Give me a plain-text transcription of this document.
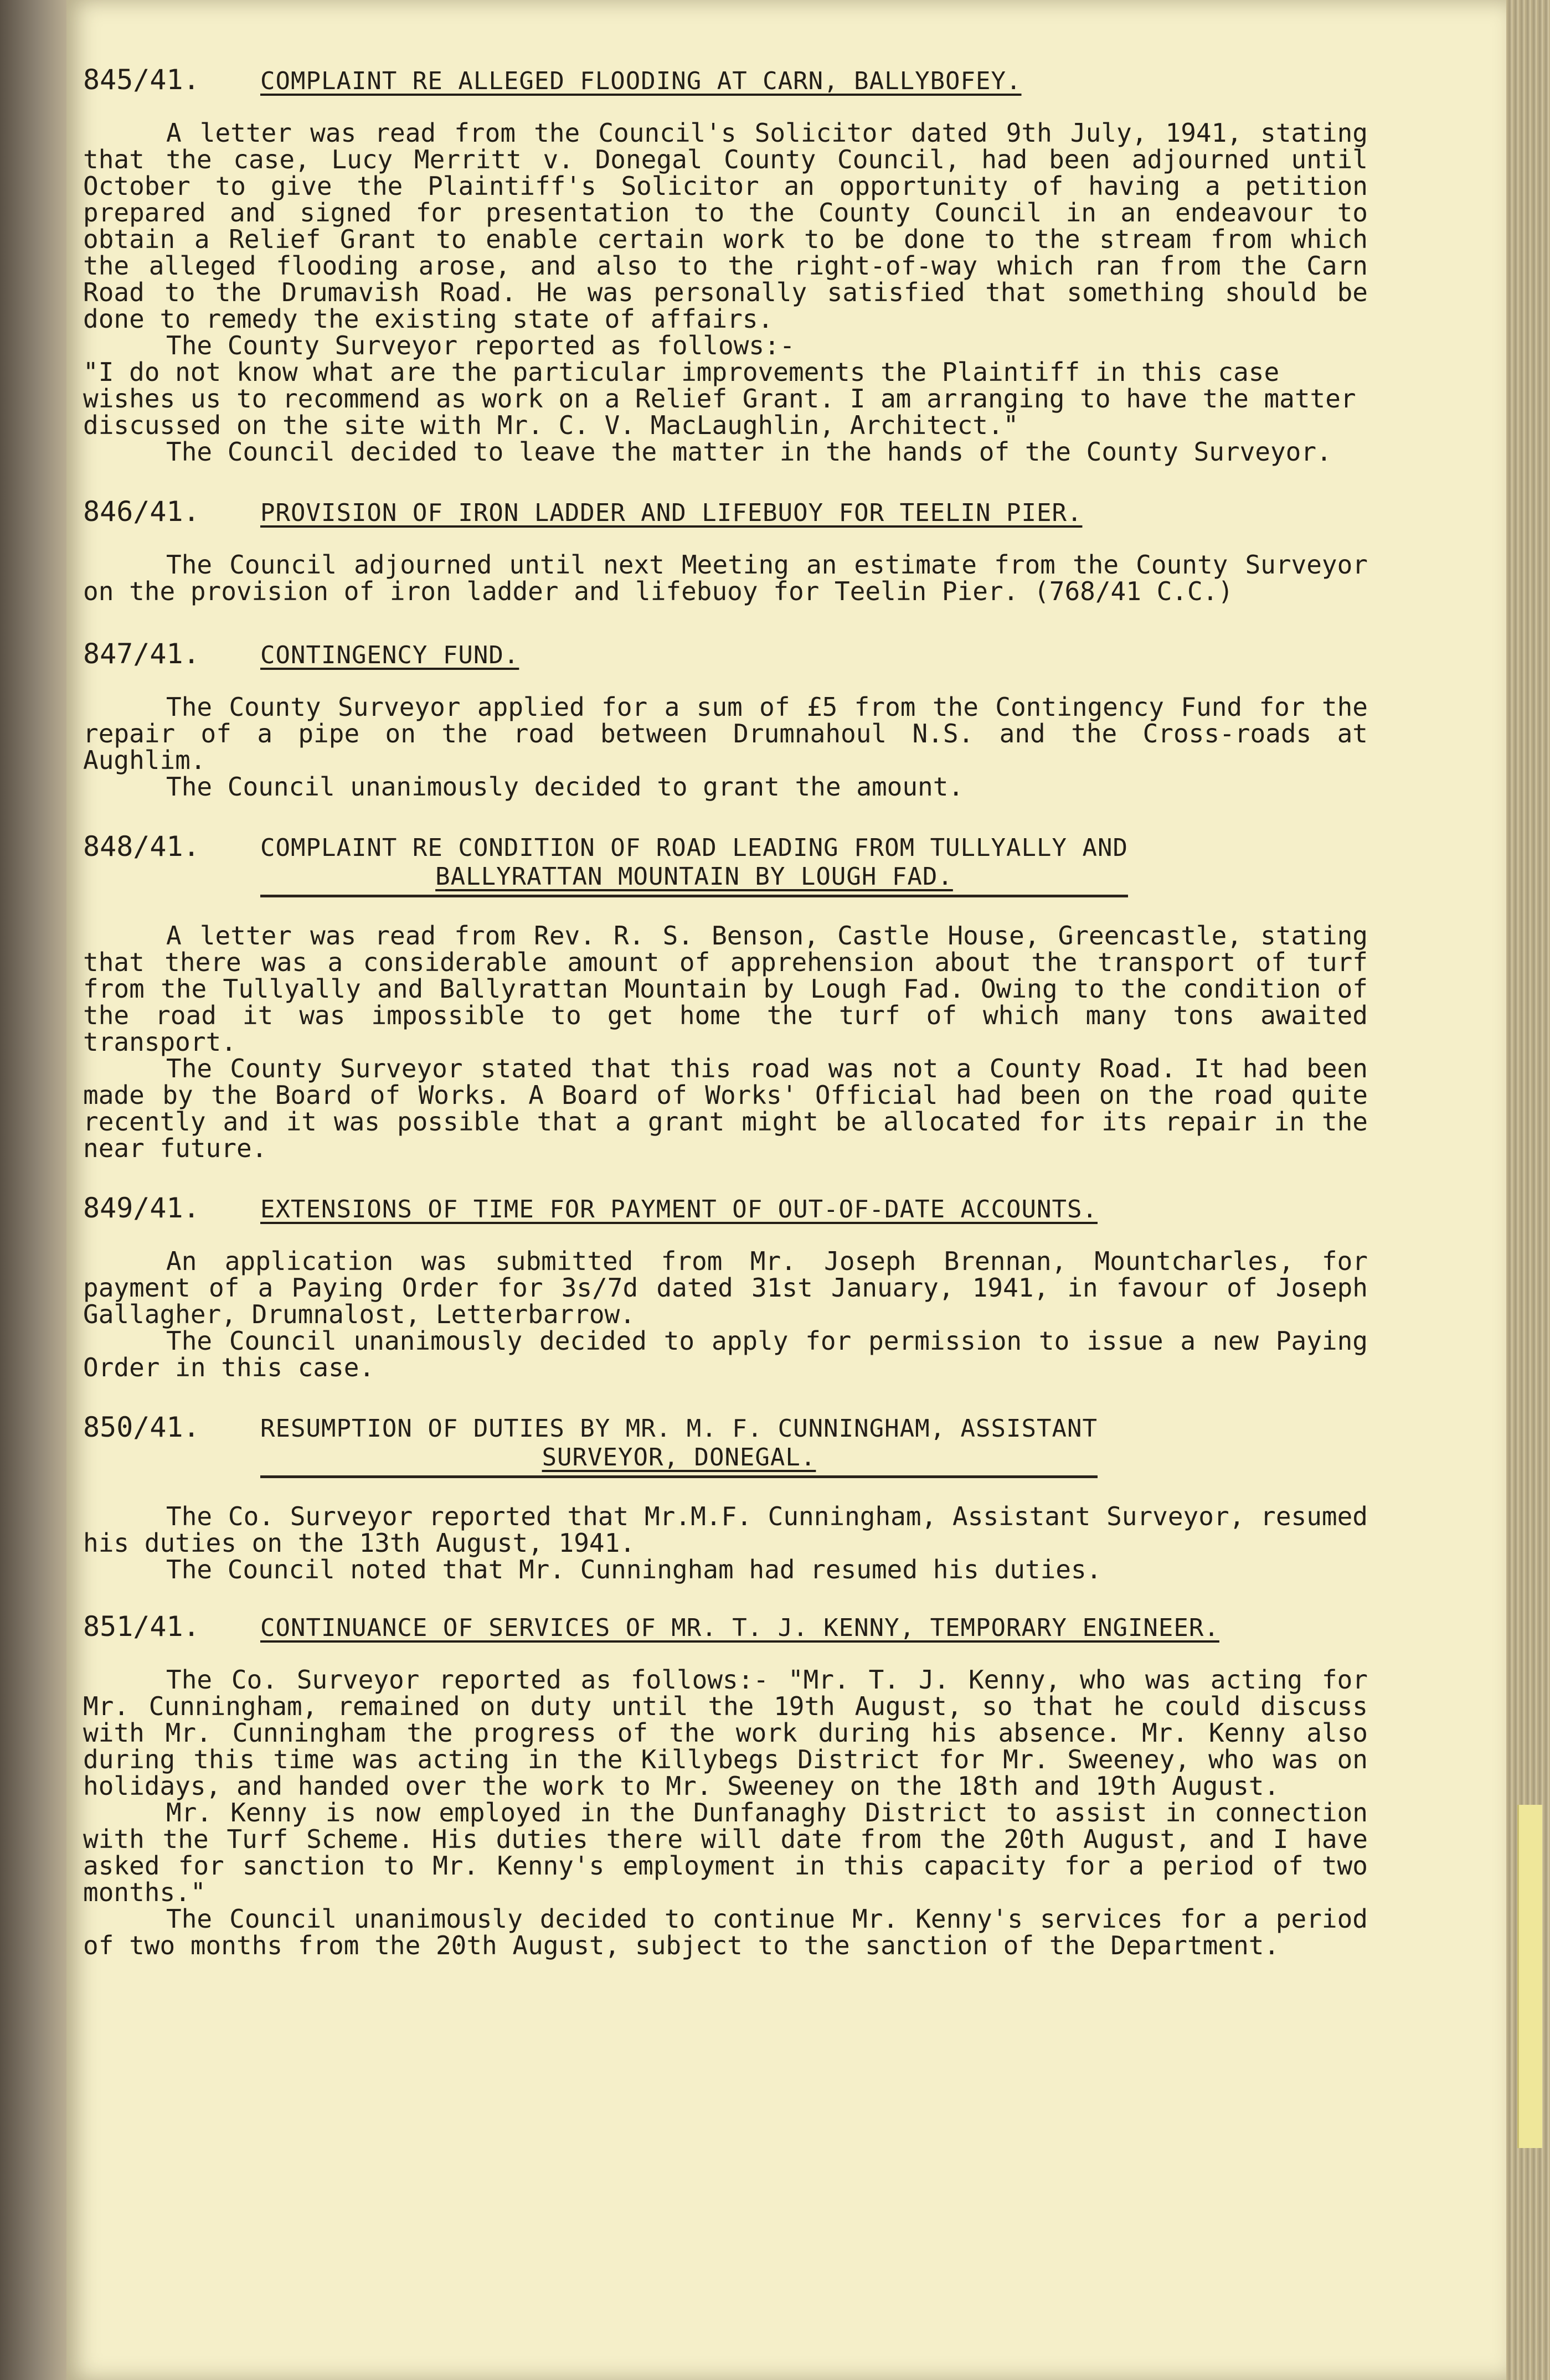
845/41.	COMPLAINT RE ALLEGED FLOODING AT CARN, BALLYBOFEY.

A letter was read from the Council's Solicitor dated 9th July, 1941, stating that the case, Lucy Merritt v. Donegal County Council, had been adjourned until October to give the Plaintiff's Solicitor an opportunity of having a petition prepared and signed for presentation to the County Council in an endeavour to obtain a Relief Grant to enable certain work to be done to the stream from which the alleged flooding arose, and also to the right-of-way which ran from the Carn Road to the Drumavish Road. He was personally satisfied that something should be done to remedy the existing state of affairs.

The County Surveyor reported as follows:-

"I do not know what are the particular improvements the Plaintiff in this case wishes us to recommend as work on a Relief Grant. I am arranging to have the matter discussed on the site with Mr. C. V. MacLaughlin, Architect."

The Council decided to leave the matter in the hands of the County Surveyor.

846/41.	PROVISION OF IRON LADDER AND LIFEBUOY FOR TEELIN PIER.

The Council adjourned until next Meeting an estimate from the County Surveyor on the provision of iron ladder and lifebuoy for Teelin Pier. (768/41 C.C.)

847/41.	CONTINGENCY FUND.

The County Surveyor applied for a sum of £5 from the Contingency Fund for the repair of a pipe on the road between Drumnahoul N.S. and the Cross-roads at Aughlim.

The Council unanimously decided to grant the amount.

848/41.	COMPLAINT RE CONDITION OF ROAD LEADING FROM TULLYALLY AND
BALLYRATTAN MOUNTAIN BY LOUGH FAD.

A letter was read from Rev. R. S. Benson, Castle House, Greencastle, stating that there was a considerable amount of apprehension about the transport of turf from the Tullyally and Ballyrattan Mountain by Lough Fad. Owing to the condition of the road it was impossible to get home the turf of which many tons awaited transport.

The County Surveyor stated that this road was not a County Road. It had been made by the Board of Works. A Board of Works' Official had been on the road quite recently and it was possible that a grant might be allocated for its repair in the near future.

849/41.	EXTENSIONS OF TIME FOR PAYMENT OF OUT-OF-DATE ACCOUNTS.

An application was submitted from Mr. Joseph Brennan, Mountcharles, for payment of a Paying Order for 3s/7d dated 31st January, 1941, in favour of Joseph Gallagher, Drumnalost, Letterbarrow.

The Council unanimously decided to apply for permission to issue a new Paying Order in this case.

850/41.	RESUMPTION OF DUTIES BY MR. M. F. CUNNINGHAM, ASSISTANT
SURVEYOR, DONEGAL.

The Co. Surveyor reported that Mr.M.F. Cunningham, Assistant Surveyor, resumed his duties on the 13th August, 1941.

The Council noted that Mr. Cunningham had resumed his duties.

851/41.	CONTINUANCE OF SERVICES OF MR. T. J. KENNY, TEMPORARY ENGINEER.

The Co. Surveyor reported as follows:- "Mr. T. J. Kenny, who was acting for Mr. Cunningham, remained on duty until the 19th August, so that he could discuss with Mr. Cunningham the progress of the work during his absence. Mr. Kenny also during this time was acting in the Killybegs District for Mr. Sweeney, who was on holidays, and handed over the work to Mr. Sweeney on the 18th and 19th August.

Mr. Kenny is now employed in the Dunfanaghy District to assist in connection with the Turf Scheme. His duties there will date from the 20th August, and I have asked for sanction to Mr. Kenny's employment in this capacity for a period of two months."

The Council unanimously decided to continue Mr. Kenny's services for a period of two months from the 20th August, subject to the sanction of the Department.
